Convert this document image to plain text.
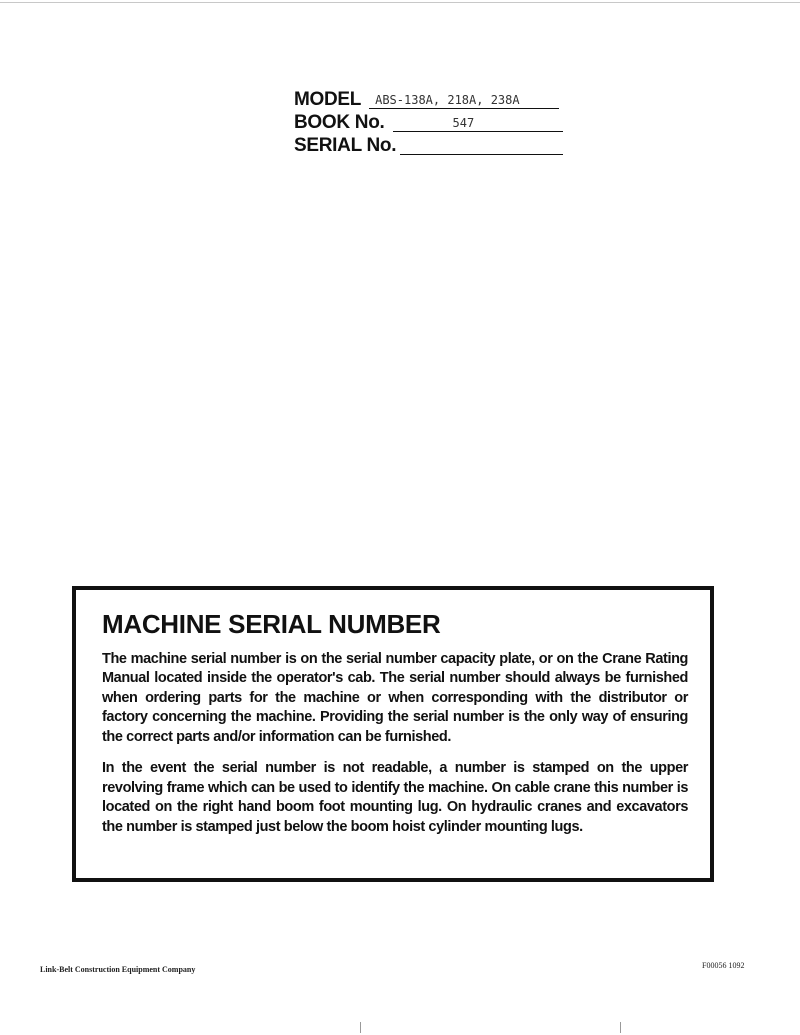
MODEL	ABS-138A, 218A, 238A
BOOK No.	547
SERIAL No.
MACHINE SERIAL NUMBER

The machine serial number is on the serial number capacity plate, or on the Crane Rating Manual located inside the operator's cab. The serial number should always be furnished when ordering parts for the machine or when corresponding with the distributor or factory concerning the machine. Providing the serial number is the only way of ensuring the correct parts and/or information can be furnished.

In the event the serial number is not readable, a number is stamped on the upper revolving frame which can be used to identify the machine. On cable crane this number is located on the right hand boom foot mounting lug. On hydraulic cranes and excavators the number is stamped just below the boom hoist cylinder mounting lugs.

Link-Belt Construction Equipment Company	F00056 1092
